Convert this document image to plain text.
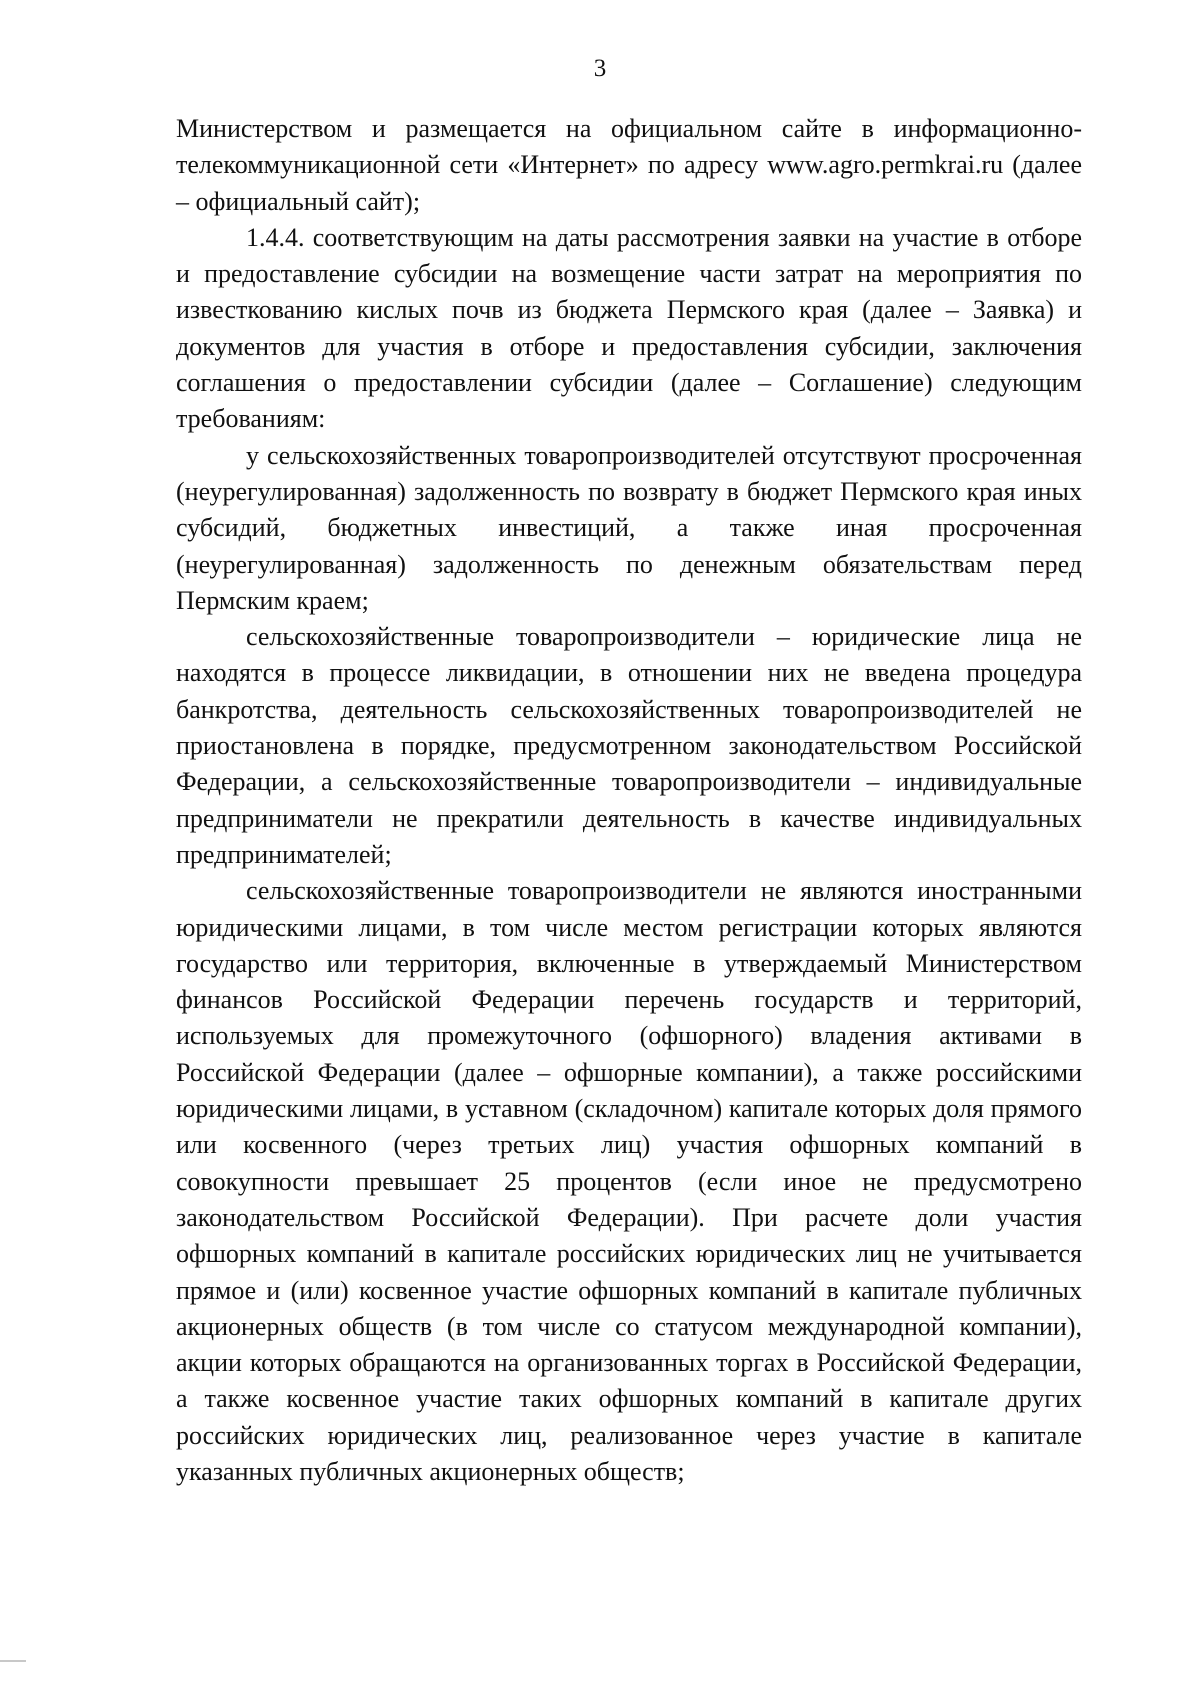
3

Министерством и размещается на официальном сайте в информационно-телекоммуникационной сети «Интернет» по адресу www.agro.permkrai.ru (далее – официальный сайт);

1.4.4. соответствующим на даты рассмотрения заявки на участие в отборе и предоставление субсидии на возмещение части затрат на мероприятия по известкованию кислых почв из бюджета Пермского края (далее – Заявка) и документов для участия в отборе и предоставления субсидии, заключения соглашения о предоставлении субсидии (далее – Соглашение) следующим требованиям:

у сельскохозяйственных товаропроизводителей отсутствуют просроченная (неурегулированная) задолженность по возврату в бюджет Пермского края иных субсидий, бюджетных инвестиций, а также иная просроченная (неурегулированная) задолженность по денежным обязательствам перед Пермским краем;

сельскохозяйственные товаропроизводители – юридические лица не находятся в процессе ликвидации, в отношении них не введена процедура банкротства, деятельность сельскохозяйственных товаропроизводителей не приостановлена в порядке, предусмотренном законодательством Российской Федерации, а сельскохозяйственные товаропроизводители – индивидуальные предприниматели не прекратили деятельность в качестве индивидуальных предпринимателей;

сельскохозяйственные товаропроизводители не являются иностранными юридическими лицами, в том числе местом регистрации которых являются государство или территория, включенные в утверждаемый Министерством финансов Российской Федерации перечень государств и территорий, используемых для промежуточного (офшорного) владения активами в Российской Федерации (далее – офшорные компании), а также российскими юридическими лицами, в уставном (складочном) капитале которых доля прямого или косвенного (через третьих лиц) участия офшорных компаний в совокупности превышает 25 процентов (если иное не предусмотрено законодательством Российской Федерации). При расчете доли участия офшорных компаний в капитале российских юридических лиц не учитывается прямое и (или) косвенное участие офшорных компаний в капитале публичных акционерных обществ (в том числе со статусом международной компании), акции которых обращаются на организованных торгах в Российской Федерации, а также косвенное участие таких офшорных компаний в капитале других российских юридических лиц, реализованное через участие в капитале указанных публичных акционерных обществ;
